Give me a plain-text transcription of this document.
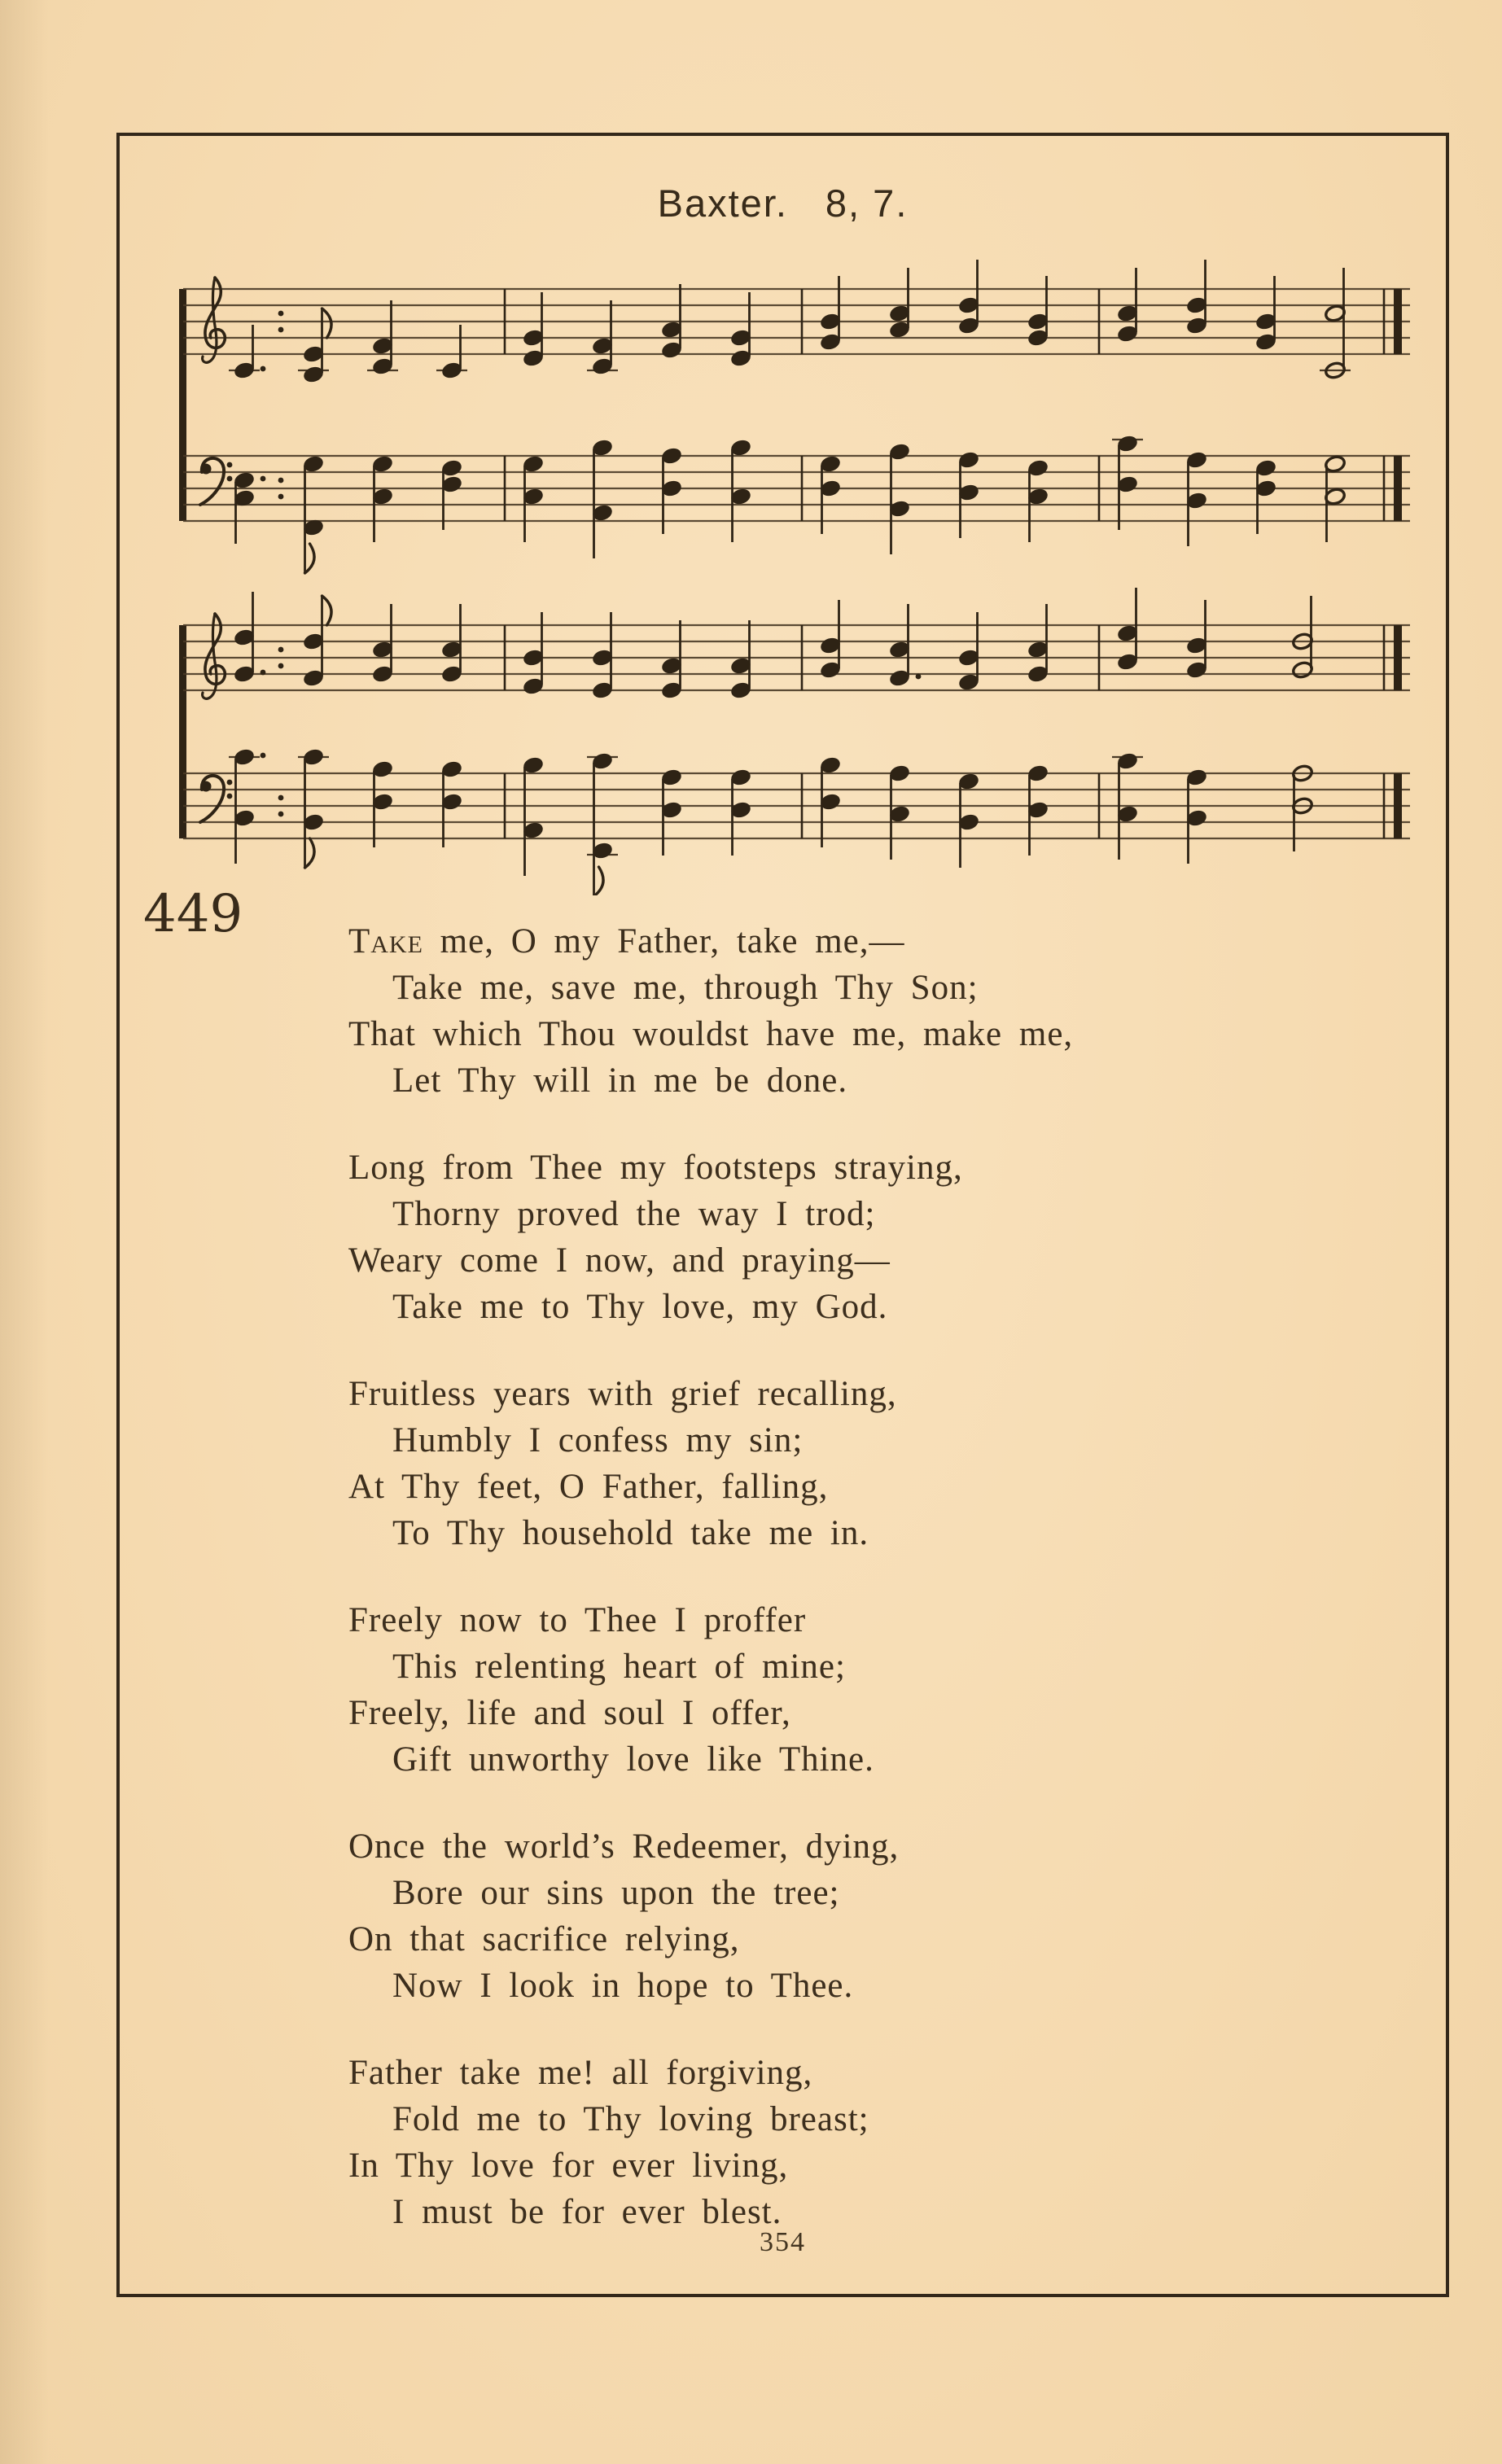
Baxter. 8, 7.
449	Take me, O my Father, take me,—

Take me, save me, through Thy Son;

That which Thou wouldst have me, make me,

Let Thy will in me be done.

Long from Thee my footsteps straying,

Thorny proved the way I trod;

Weary come I now, and praying—

Take me to Thy love, my God.

Fruitless years with grief recalling,

Humbly I confess my sin;

At Thy feet, O Father, falling,

To Thy household take me in.

Freely now to Thee I proffer

This relenting heart of mine;

Freely, life and soul I offer,

Gift unworthy love like Thine.

Once the world’s Redeemer, dying,

Bore our sins upon the tree;

On that sacrifice relying,

Now I look in hope to Thee.

Father take me! all forgiving,

Fold me to Thy loving breast;

In Thy love for ever living,

I must be for ever blest.

354
